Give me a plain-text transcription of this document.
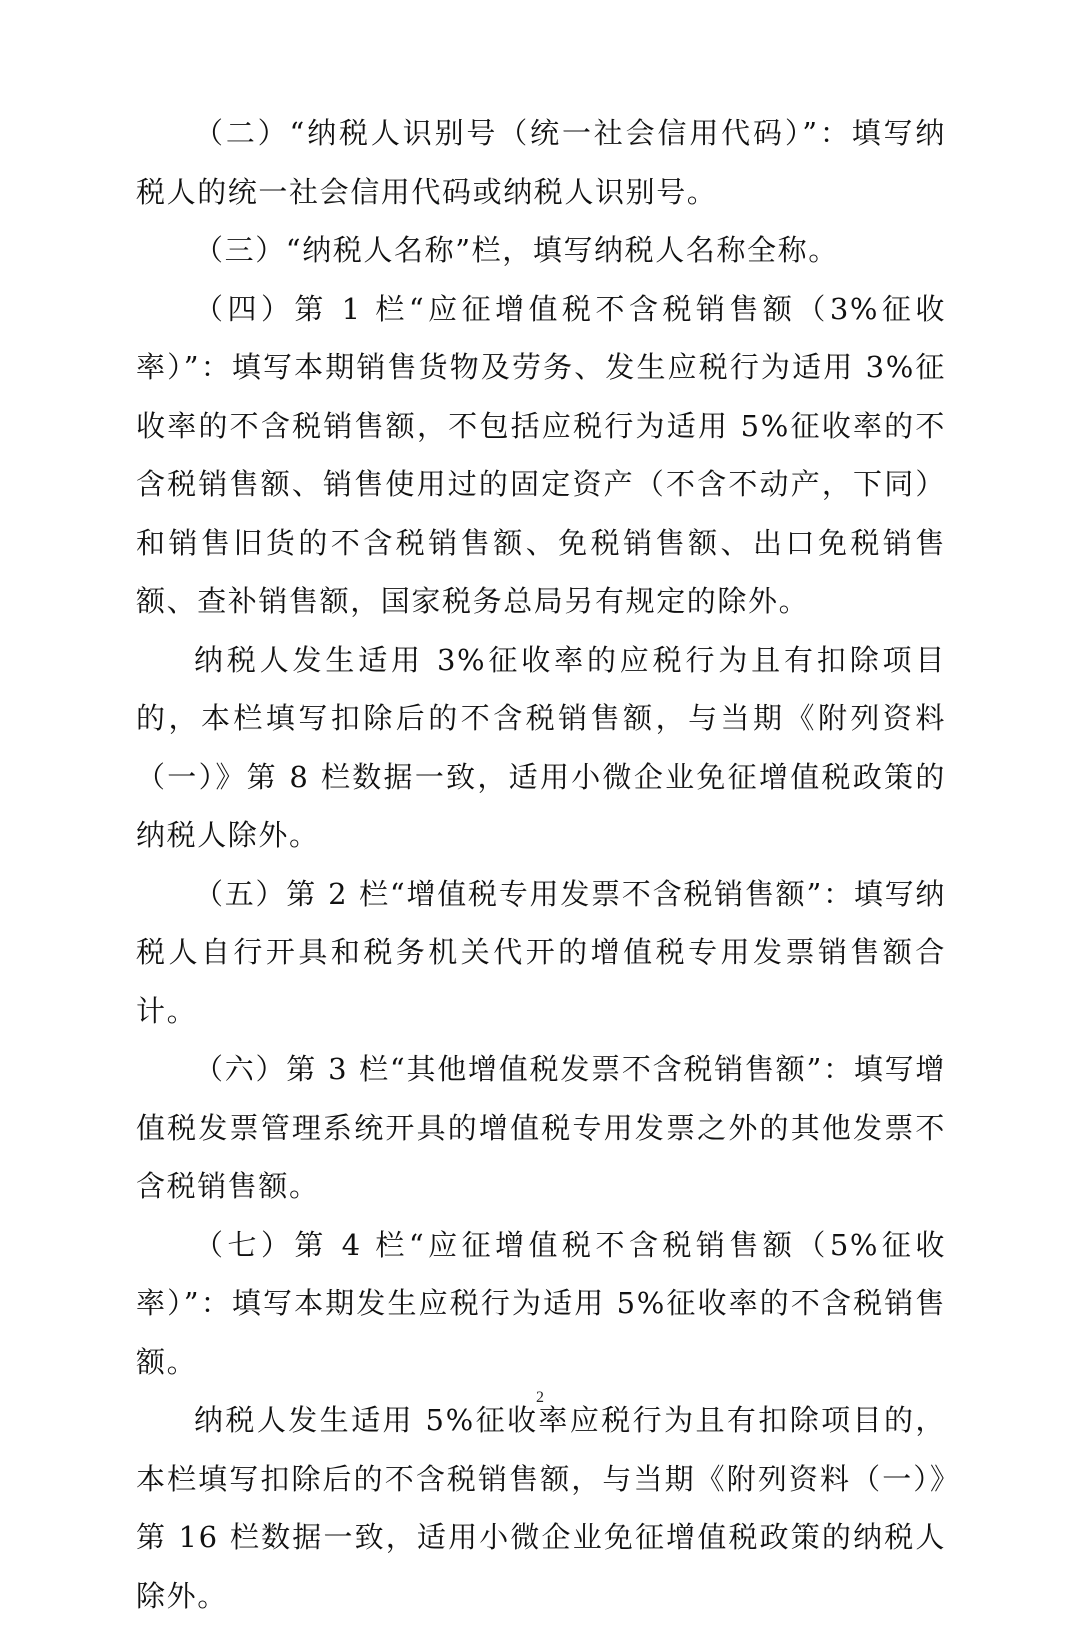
（二）“纳税人识别号（统一社会信用代码）”：填写纳税人的统一社会信用代码或纳税人识别号。

（三）“纳税人名称”栏，填写纳税人名称全称。

（四）第 1 栏“应征增值税不含税销售额（3%征收率）”：填写本期销售货物及劳务、发生应税行为适用 3%征收率的不含税销售额，不包括应税行为适用 5%征收率的不含税销售额、销售使用过的固定资产（不含不动产，下同）和销售旧货的不含税销售额、免税销售额、出口免税销售额、查补销售额，国家税务总局另有规定的除外。

纳税人发生适用 3%征收率的应税行为且有扣除项目的，本栏填写扣除后的不含税销售额，与当期《附列资料（一）》第 8 栏数据一致，适用小微企业免征增值税政策的纳税人除外。

（五）第 2 栏“增值税专用发票不含税销售额”：填写纳税人自行开具和税务机关代开的增值税专用发票销售额合计。

（六）第 3 栏“其他增值税发票不含税销售额”：填写增值税发票管理系统开具的增值税专用发票之外的其他发票不含税销售额。

（七）第 4 栏“应征增值税不含税销售额（5%征收率）”：填写本期发生应税行为适用 5%征收率的不含税销售额。

纳税人发生适用 5%征收率应税行为且有扣除项目的，本栏填写扣除后的不含税销售额，与当期《附列资料（一）》第 16 栏数据一致，适用小微企业免征增值税政策的纳税人除外。

2
